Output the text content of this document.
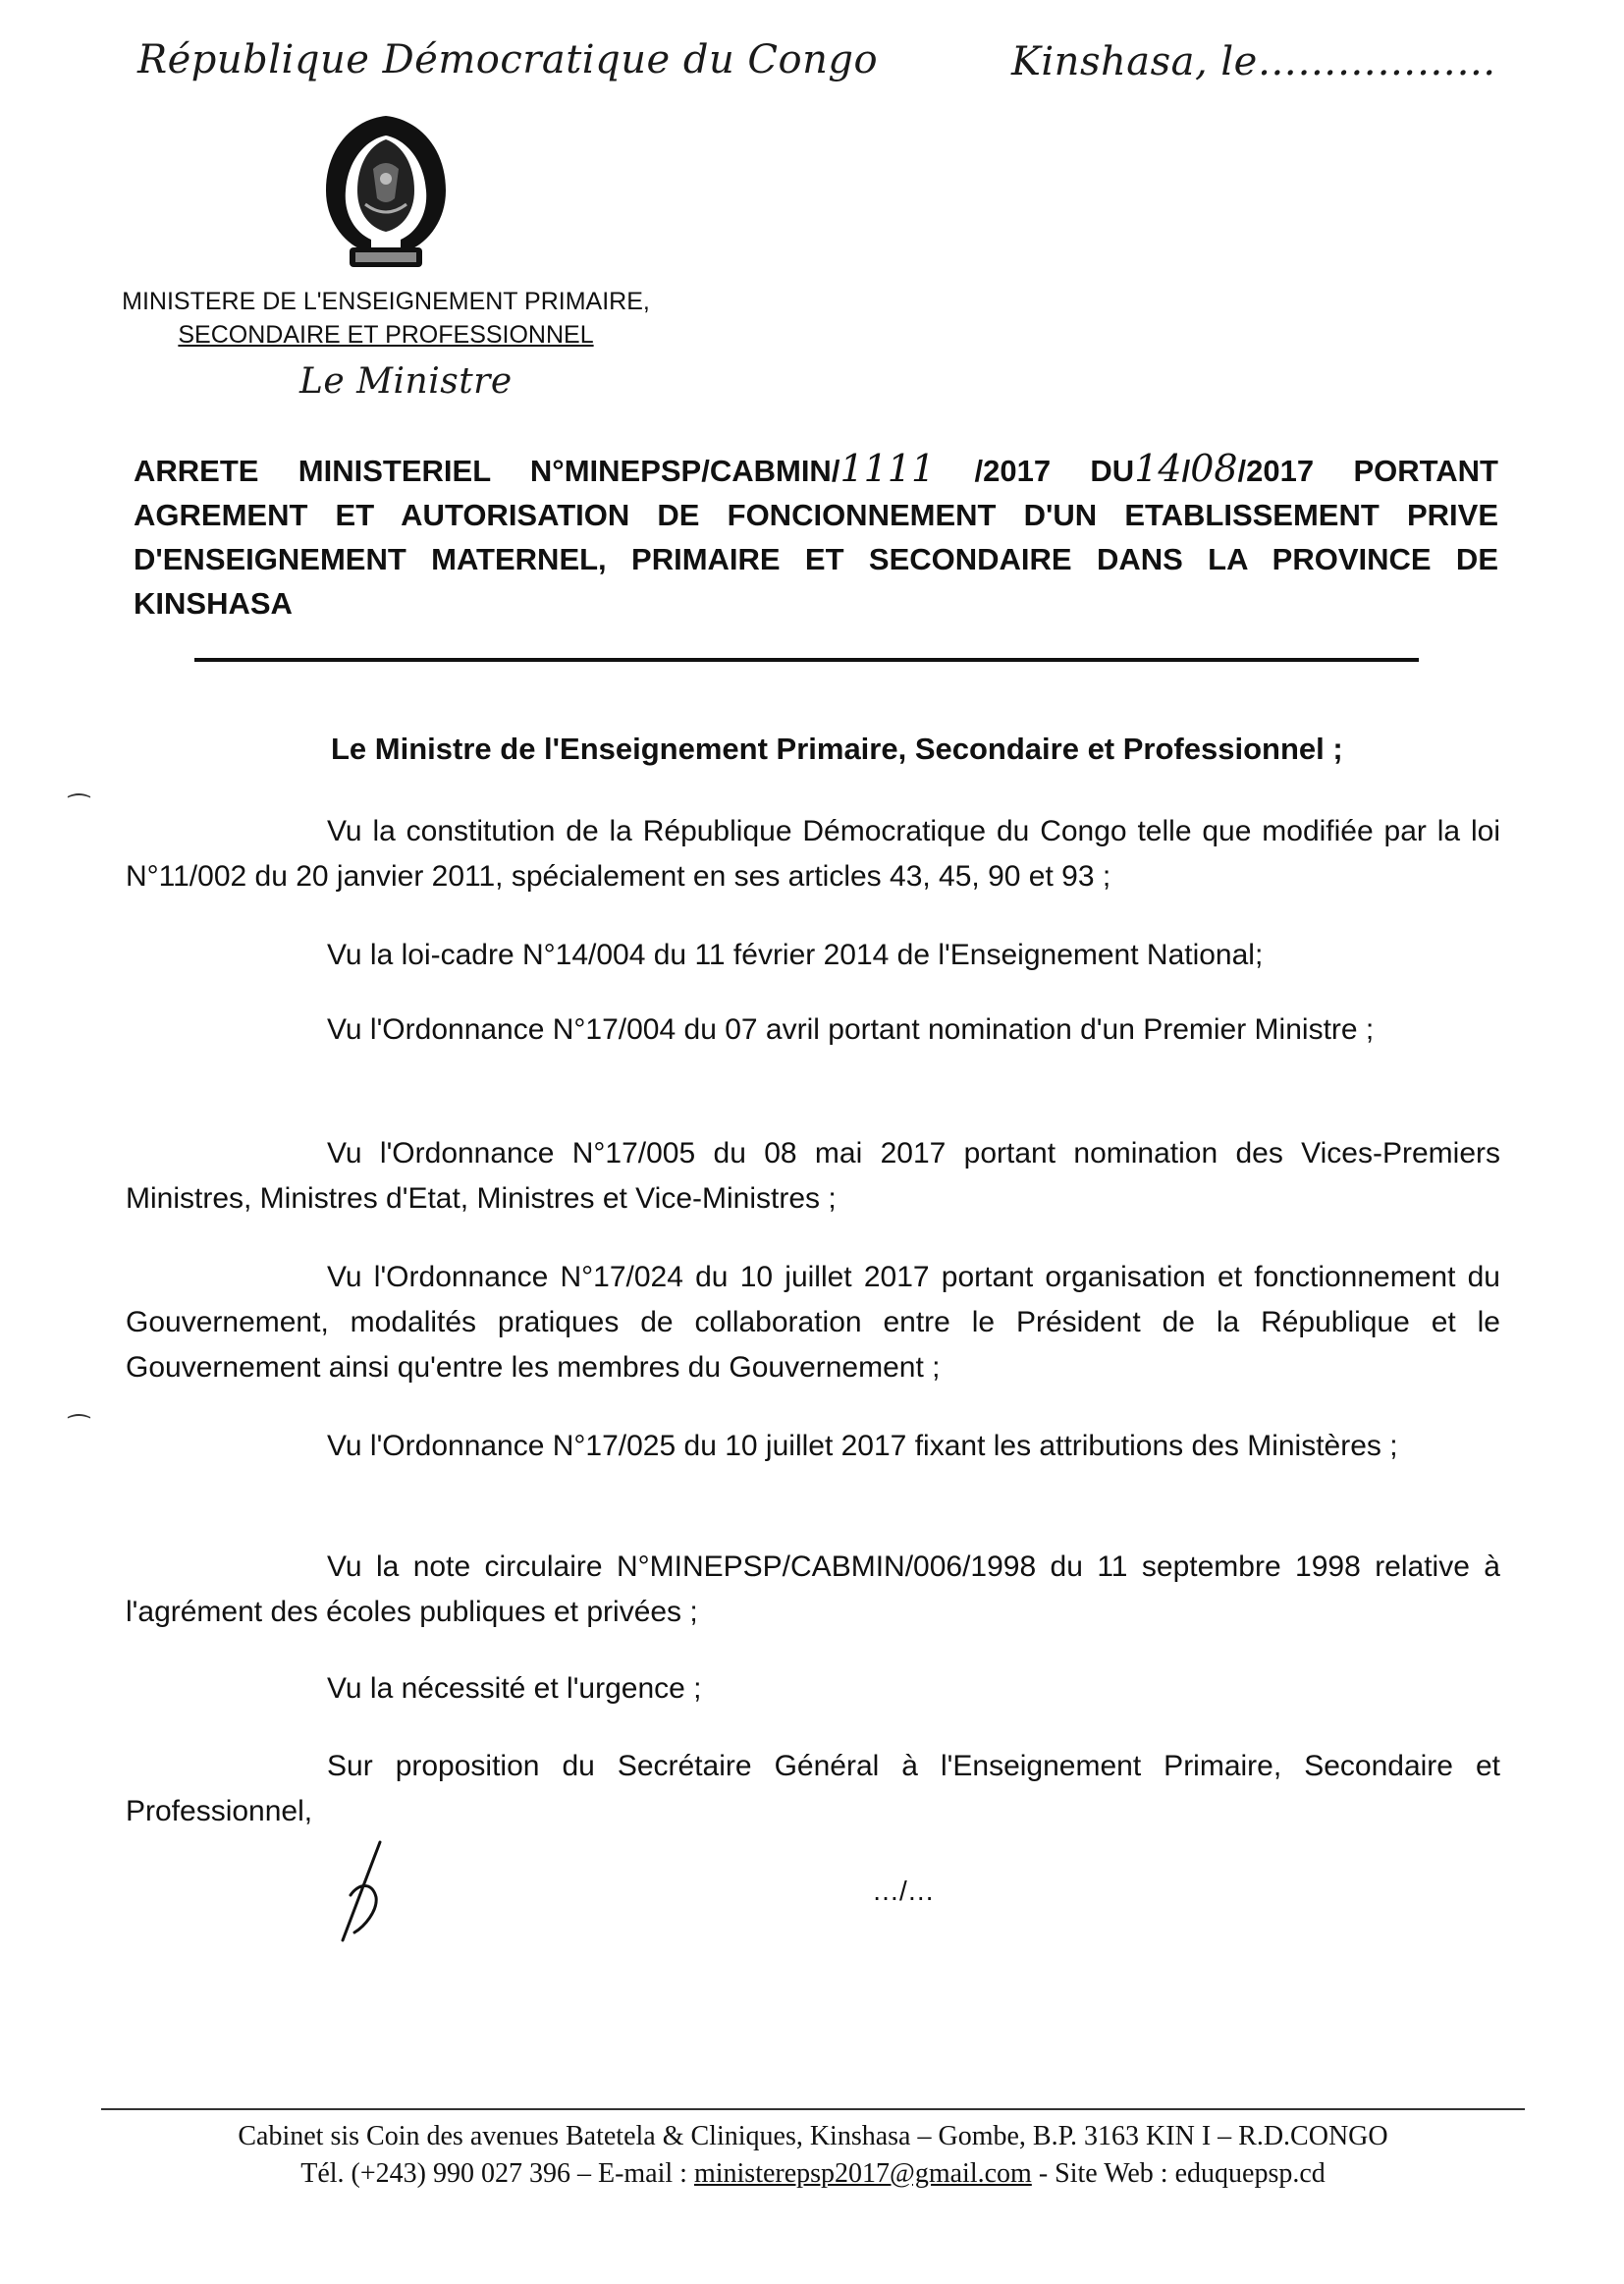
République Démocratique du Congo	Kinshasa, le………………
MINISTERE DE L'ENSEIGNEMENT PRIMAIRE,
SECONDAIRE ET PROFESSIONNEL
Le Ministre
ARRETE MINISTERIEL N°MINEPSP/CABMIN/1111 /2017 DU14/08/2017 PORTANT AGREMENT ET AUTORISATION DE FONCIONNEMENT D'UN ETABLISSEMENT PRIVE D'ENSEIGNEMENT MATERNEL, PRIMAIRE ET SECONDAIRE DANS LA PROVINCE DE KINSHASA
Le Ministre de l'Enseignement Primaire, Secondaire et Professionnel ;
⁀
⁀
Vu la constitution de la République Démocratique du Congo telle que modifiée par la loi N°11/002 du 20 janvier 2011, spécialement en ses articles 43, 45, 90 et 93 ;
Vu la loi-cadre N°14/004 du 11 février 2014 de l'Enseignement National;
Vu l'Ordonnance N°17/004 du 07 avril portant nomination d'un Premier Ministre ;
Vu l'Ordonnance N°17/005 du 08 mai 2017 portant nomination des Vices-Premiers Ministres, Ministres d'Etat, Ministres et Vice-Ministres ;
Vu l'Ordonnance N°17/024 du 10 juillet 2017 portant organisation et fonctionnement du Gouvernement, modalités pratiques de collaboration entre le Président de la République et le Gouvernement ainsi qu'entre les membres du Gouvernement ;
Vu l'Ordonnance N°17/025 du 10 juillet 2017 fixant les attributions des Ministères ;
Vu la note circulaire N°MINEPSP/CABMIN/006/1998 du 11 septembre 1998 relative à l'agrément des écoles publiques et privées ;
Vu la nécessité et l'urgence ;
Sur proposition du Secrétaire Général à l'Enseignement Primaire, Secondaire et Professionnel,
…/…
Cabinet sis Coin des avenues Batetela & Cliniques, Kinshasa – Gombe, B.P. 3163 KIN I – R.D.CONGO
Tél. (+243) 990 027 396 – E-mail : ministerepsp2017@gmail.com - Site Web : eduquepsp.cd
